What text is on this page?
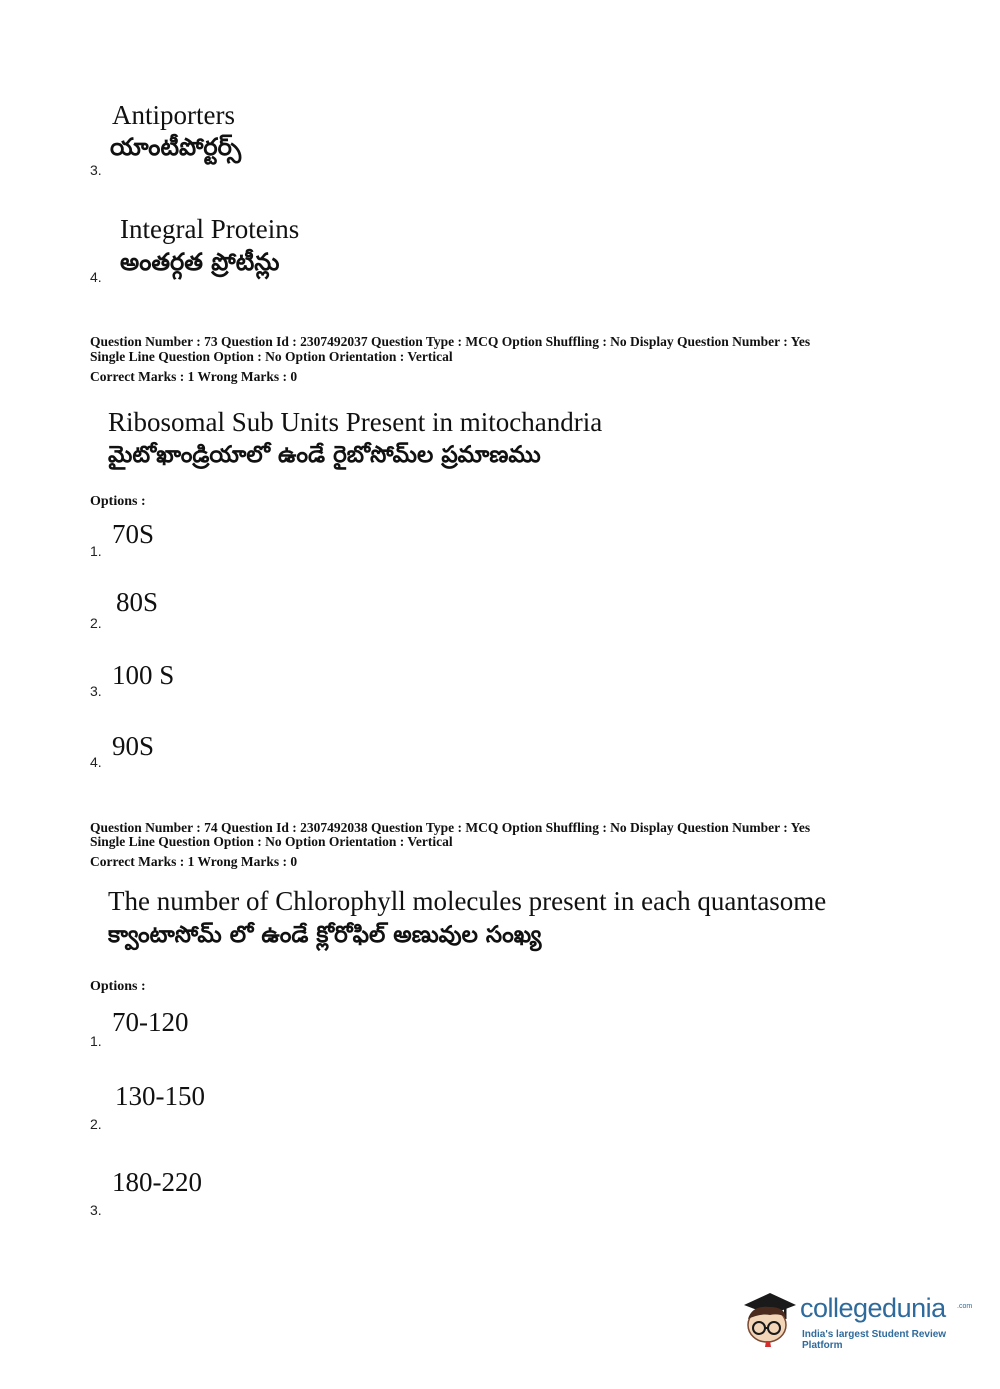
Antiporters
యాంటీపోర్టర్స్
3.
Integral Proteins
అంతర్గత ప్రోటీన్లు
4.
Question Number : 73 Question Id : 2307492037 Question Type : MCQ Option Shuffling : No Display Question Number : Yes
Single Line Question Option : No Option Orientation : Vertical
Correct Marks : 1 Wrong Marks : 0
Ribosomal Sub Units Present in mitochandria
మైటోఖాండ్రియాలో ఉండే రైబోసోమ్‌ల ప్రమాణము
Options :
70S
1.
80S
2.
100 S
3.
90S
4.
Question Number : 74 Question Id : 2307492038 Question Type : MCQ Option Shuffling : No Display Question Number : Yes
Single Line Question Option : No Option Orientation : Vertical
Correct Marks : 1 Wrong Marks : 0
The number of Chlorophyll molecules present in each quantasome
క్వాంటాసోమ్ లో ఉండే క్లోరోఫిల్ అణువుల సంఖ్య
Options :
70-120
1.
130-150
2.
180-220
3.
collegedunia .com
India's largest Student Review Platform
